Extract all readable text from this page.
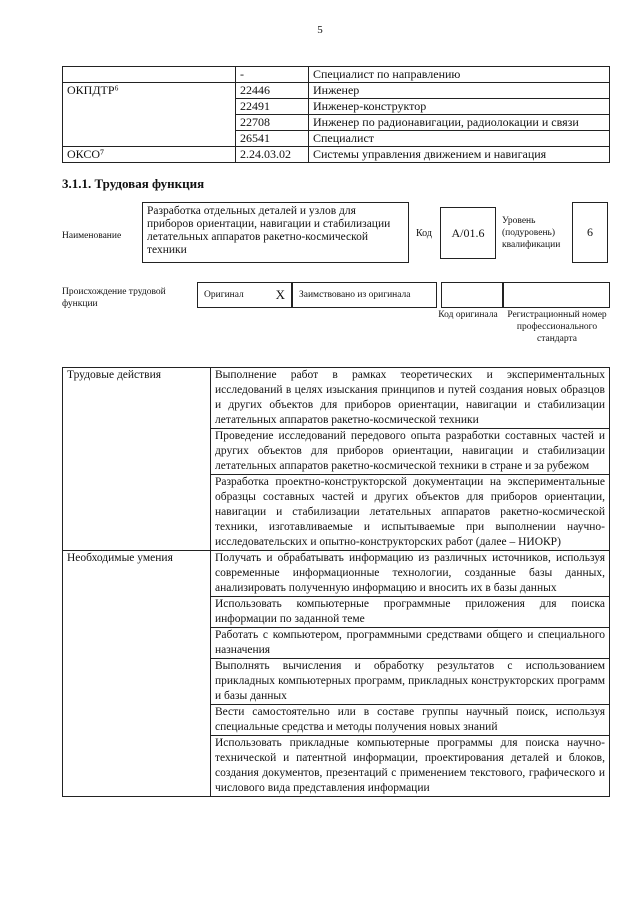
5
	-	Специалист по направлению
ОКПДТР⁶	22446	Инженер
	22491	Инженер-конструктор
	22708	Инженер по радионавигации, радиолокации и связи
	26541	Специалист
ОКСО⁷	2.24.03.02	Системы управления движением и навигация
3.1.1. Трудовая функция
Наименование
Разработка отдельных деталей и узлов для приборов ориентации, навигации и стабилизации летательных аппаратов ракетно-космической техники
Код	A/01.6
Уровень (подуровень) квалификации
6
Происхождение трудовой функции
Оригинал X	Заимствовано из оригинала
Код оригинала Регистрационный номер профессионального стандарта
Трудовые действия	Выполнение работ в рамках теоретических и экспериментальных исследований в целях изыскания принципов и путей создания новых образцов и других объектов для приборов ориентации, навигации и стабилизации летательных аппаратов ракетно-космической техники
	Проведение исследований передового опыта разработки составных частей и других объектов для приборов ориентации, навигации и стабилизации летательных аппаратов ракетно-космической техники в стране и за рубежом
	Разработка проектно-конструкторской документации на экспериментальные образцы составных частей и других объектов для приборов ориентации, навигации и стабилизации летательных аппаратов ракетно-космической техники, изготавливаемые и испытываемые при выполнении научно-исследовательских и опытно-конструкторских работ (далее – НИОКР)
Необходимые умения	Получать и обрабатывать информацию из различных источников, используя современные информационные технологии, созданные базы данных, анализировать полученную информацию и вносить их в базы данных
	Использовать компьютерные программные приложения для поиска информации по заданной теме
	Работать с компьютером, программными средствами общего и специального назначения
	Выполнять вычисления и обработку результатов с использованием прикладных компьютерных программ, прикладных конструкторских программ и базы данных
	Вести самостоятельно или в составе группы научный поиск, используя специальные средства и методы получения новых знаний
	Использовать прикладные компьютерные программы для поиска научно-технической и патентной информации, проектирования деталей и блоков, создания документов, презентаций с применением текстового, графического и числового вида представления информации
